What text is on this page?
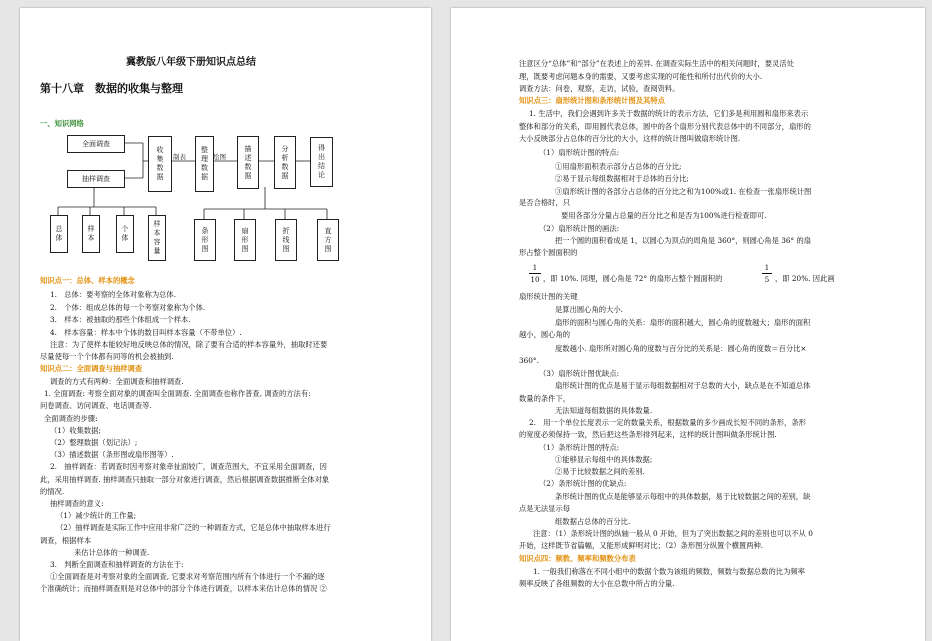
冀教版八年级下册知识点总结
第十八章　数据的收集与整理
一、知识网络
全面调查
抽样调查	收集数据	制表	整理数据 绘图	描述数据	分析数据	得出结论
总体	样本	个体	样本容量	条形图	扇形图	折线图	直方图
知识点一：总体、样本的概念
1.　总体：要考察的全体对象称为总体.
2.　个体：组成总体的每一个考察对象称为个体.
3.　样本：被抽取的那些个体组成一个样本.
4.　样本容量：样本中个体的数目叫样本容量（不带单位）.
注意：为了使样本能较好地反映总体的情况，除了要有合适的样本容量外，抽取时还要
尽量使每一个个体都有同等的机会被抽到.
知识点二：全面调查与抽样调查
调查的方式有两种：全面调查和抽样调查.
1. 全面调查: 考察全面对象的调查叫全面调查. 全面调查也称作普查, 调查的方法有:
问卷调查、访问调查、电话调查等.
全面调查的步骤:
（1）收集数据;
（2）整理数据（划记法）;
（3）描述数据（条形图或扇形图等）.
2.　抽样调查：若调查时因考察对象牵扯面较广，调查范围大，不宜采用全面调查，因
此，采用抽样调查. 抽样调查只抽取一部分对象进行调查，然后根据调查数据推断全体对象
的情况.
抽样调查的意义:
（1）减少统计的工作量;
（2）抽样调查是实际工作中应用非常广泛的一种调查方式，它是总体中抽取样本进行
调查，根据样本
来估计总体的一种调查.
3.　判断全面调查和抽样调查的方法在于:
①全面调查是对考察对象的全面调查, 它要求对考察范围内所有个体进行一个不漏的逐
个准确统计；而抽样调查则是对总体中的部分个体进行调查，以样本来估计总体的情况 ②
注意区分“总体”和“部分”在表述上的差异. 在调查实际生活中的相关问题时，要灵活处
理，既要考虑问题本身的需要，又要考虑实现的可能性和所付出代价的大小.
调查方法：问卷，观察，走访，试验，查阅资料。
知识点三：扇形统计图和条形统计图及其特点
1. 生活中，我们会遇到许多关于数据的统计的表示方法，它们多是利用圆和扇形来表示
整体和部分的关系，即用圆代表总体，圆中的各个扇形分别代表总体中的不同部分，扇形的
大小反映部分占总体的百分比的大小，这样的统计图叫做扇形统计图.
（1）扇形统计图的特点:
①用扇形面积表示部分占总体的百分比;
②易于显示每组数据相对于总体的百分比;
③扇形统计图的各部分占总体的百分比之和为100%或1. 在检查一张扇形统计图
是否合格时，只
要用各部分分量占总量的百分比之和是否为100%进行检查即可.
（2）扇形统计图的画法:
把一个圆的面积看成是 1，以圆心为顶点的周角是 360°，则圆心角是 36° 的扇
形占整个圆面积的
1
10 ，即 10%. 同理，圆心角是 72° 的扇形占整个圆面积的
1
5 ，即 20%. 因此画
扇形统计图的关键
是算出圆心角的大小.
扇形的面积与圆心角的关系：扇形的面积越大，圆心角的度数越大；扇形的面积
越小，圆心角的
度数越小. 扇形所对圆心角的度数与百分比的关系是：圆心角的度数＝百分比×
360°.
（3）扇形统计图优缺点:
扇形统计图的优点是易于显示每组数据相对于总数的大小，缺点是在不知道总体
数量的条件下，
无法知道每组数据的具体数量.
2.　用一个单位长度表示一定的数量关系，根据数量的多少画成长短不同的条形，条形
的宽度必须保持一致，然后把这些条形排列起来，这样的统计图叫做条形统计图.
（1）条形统计图的特点:
①能够显示每组中的具体数据;
②易于比较数据之间的差别.
（2）条形统计图的优缺点:
条形统计图的优点是能够显示每组中的具体数据，易于比较数据之间的差别，缺
点是无法显示每
组数据占总体的百分比.
注意：（1）条形统计图的纵轴一般从 0 开始，但为了突出数据之间的差别也可以不从 0
开始，这样既节省篇幅，又能形成鲜明对比；（2）条形图分纵置个横置两种.
知识点四：频数、频率和频数分布表
1. 一般我们称落在不同小组中的数据个数为该组的频数，频数与数据总数的比为频率
频率反映了各组频数的大小在总数中所占的分量.
